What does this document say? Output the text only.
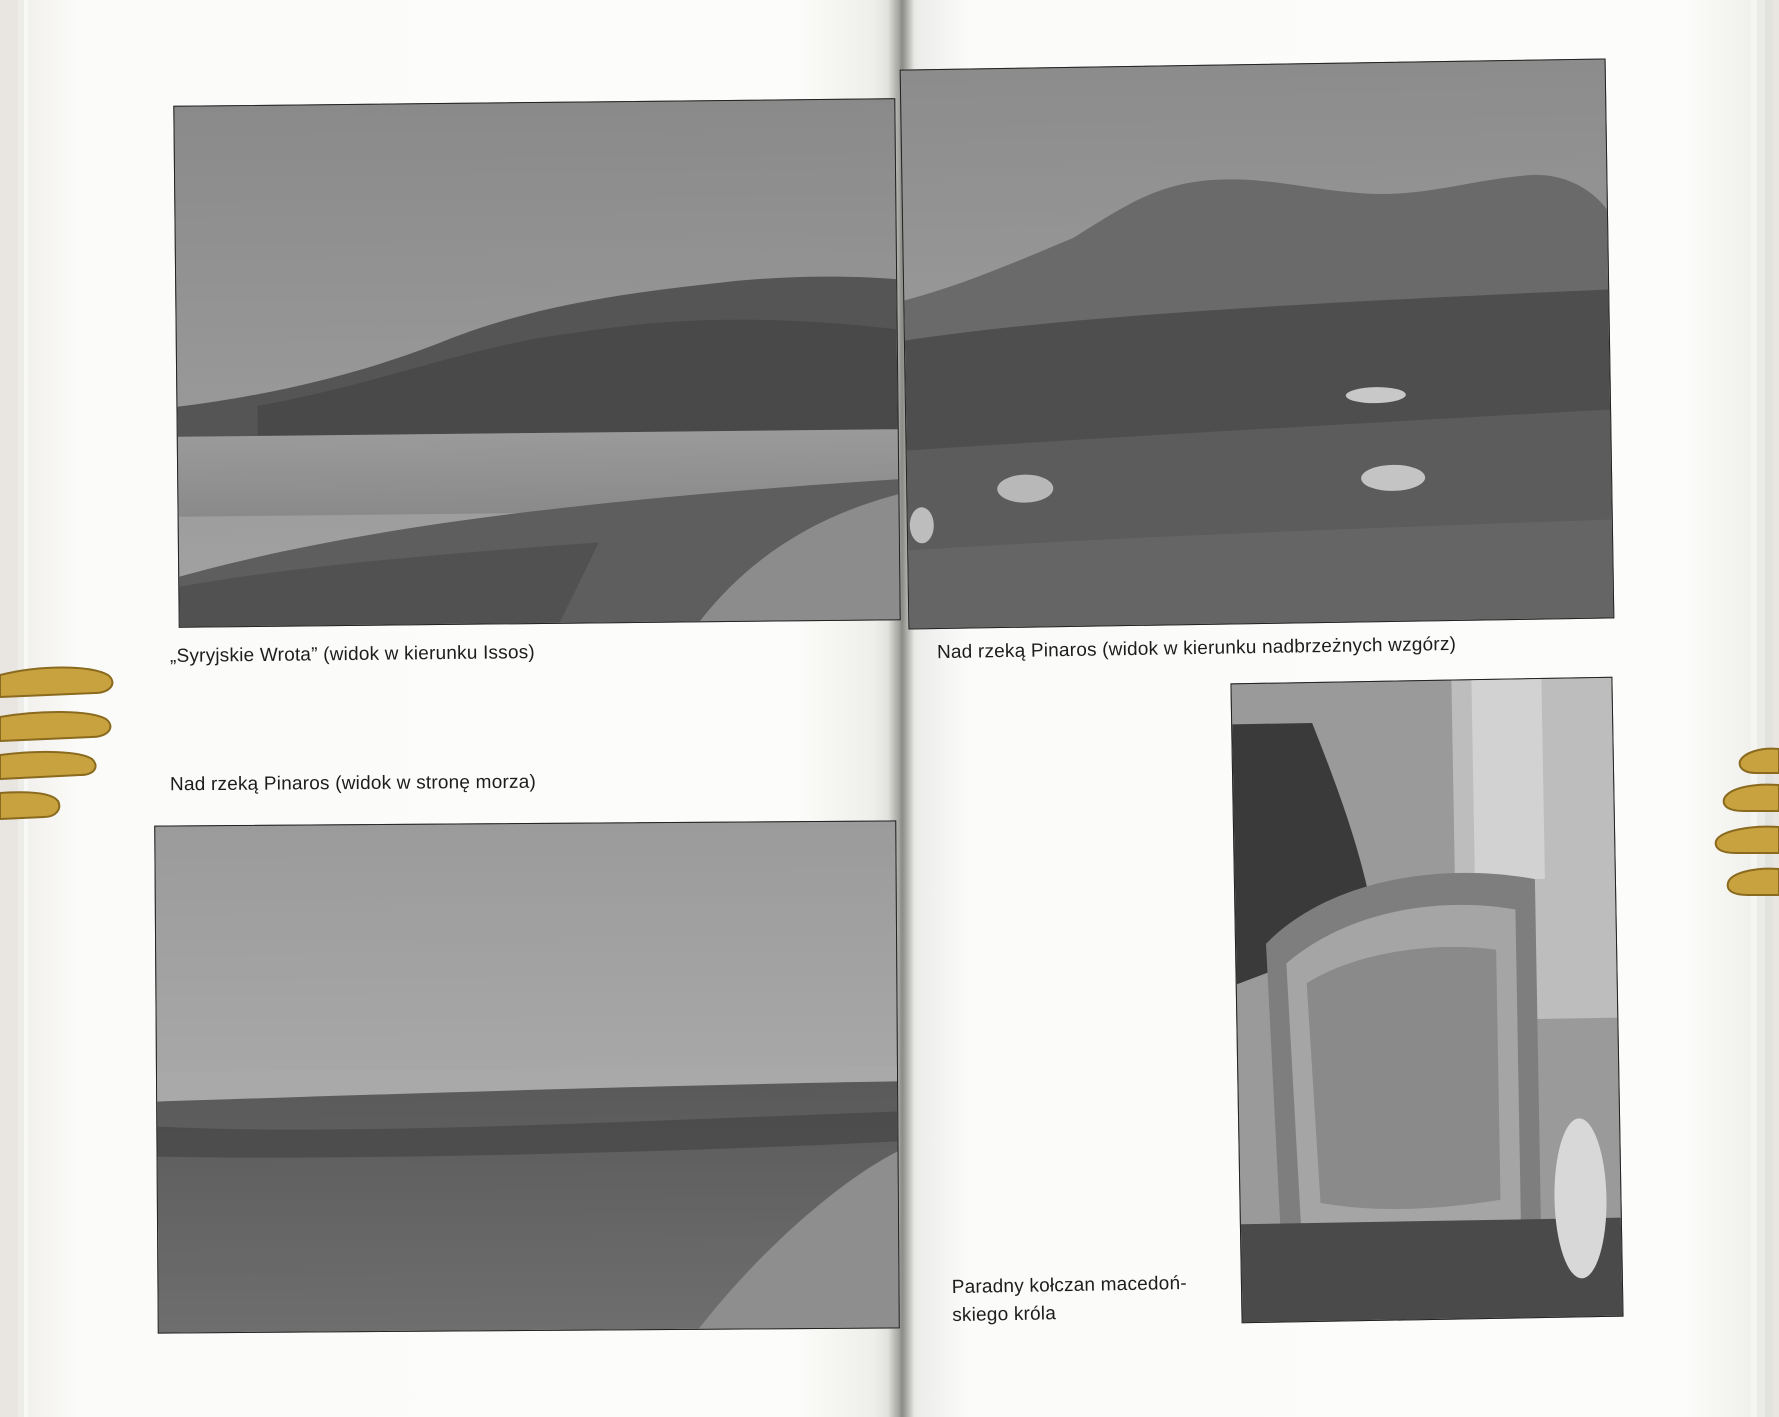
„Syryjskie Wrota” (widok w kierunku Issos)
Nad rzeką Pinaros (widok w stronę morza)
Nad rzeką Pinaros (widok w kierunku nadbrzeżnych wzgórz)
Paradny kołczan macedoń-
skiego króla
